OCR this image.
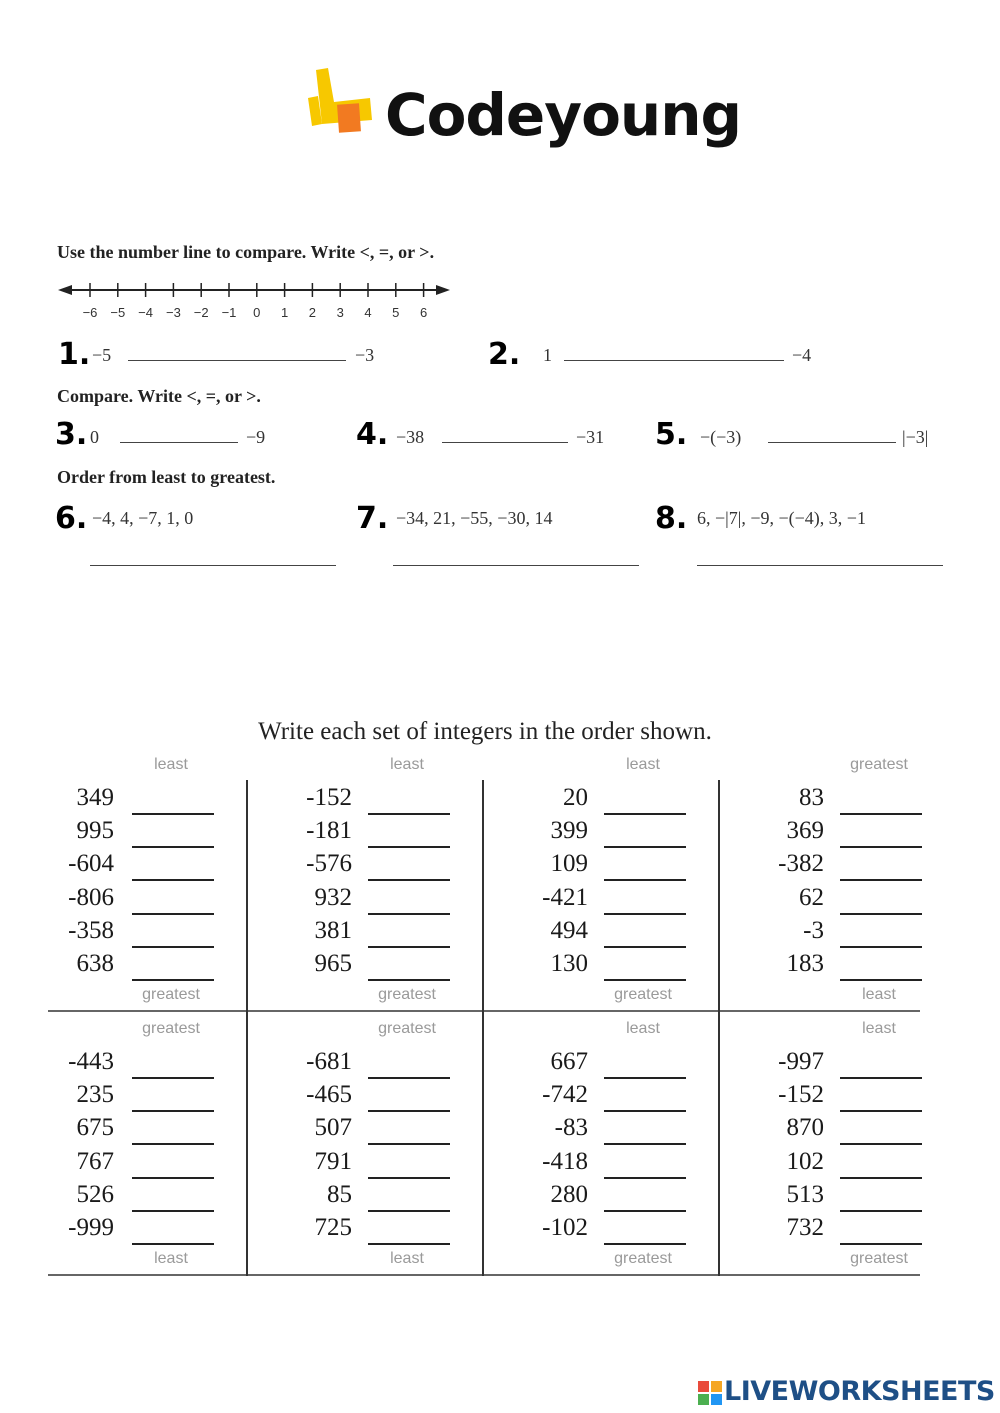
Codeyoung
Use the number line to compare. Write <, =, or >.
−6 −5 −4 −3 −2 −1 0 1 2 3 4 5 6
1. −5	−3	2. 1	−4
Compare. Write <, =, or >.
3. 0	−9	4. −38	−31 5. −(−3)	|−3|
Order from least to greatest.
6. −4, 4, −7, 1, 0	7. −34, 21, −55, −30, 14	8. 6, −|7|, −9, −(−4), 3, −1
Write each set of integers in the order shown.
least
349
995
-604
-806
-358
638
greatest
least
-152
-181
-576
932
381
965
greatest
least
20
399
109
-421
494
130
greatest
greatest
83
369
-382
62
-3
183
least
greatest
-443
235
675
767
526
-999
least
greatest
-681
-465
507
791
85
725
least
least
667
-742
-83
-418
280
-102
greatest
least
-997
-152
870
102
513
732
greatest
LIVEWORKSHEETS
